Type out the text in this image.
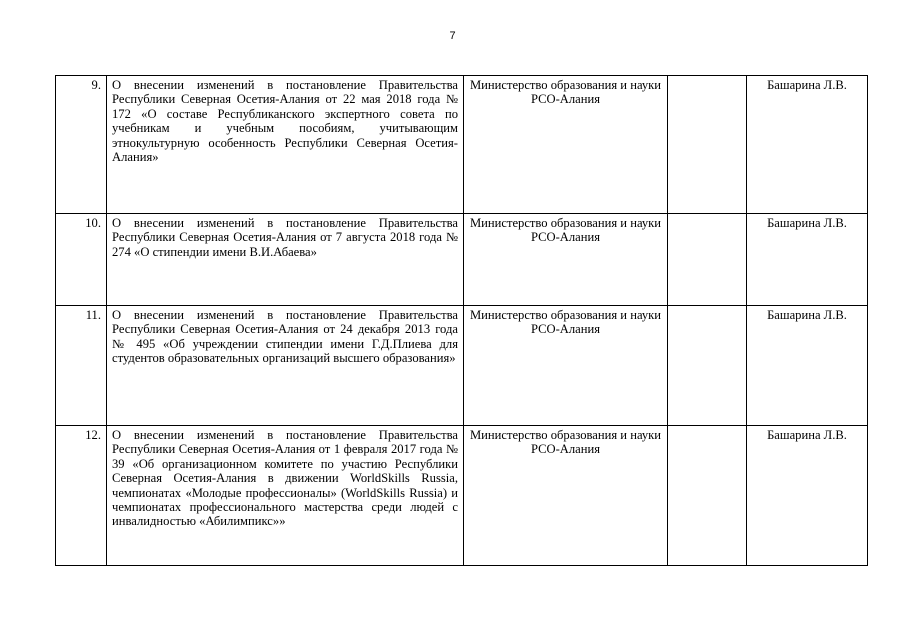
7
9.	О внесении изменений в постановление Правительства Республики Северная Осетия-Алания от 22 мая 2018 года № 172 «О составе Республиканского экспертного совета по учебникам и учебным пособиям, учитывающим этнокультурную особенность Республики Северная Осетия-Алания»	Министерство образования и науки РСО-Алания		Башарина Л.В.
10.	О внесении изменений в постановление Правительства Республики Северная Осетия-Алания от 7 августа 2018 года № 274 «О стипендии имени В.И.Абаева»	Министерство образования и науки РСО-Алания		Башарина Л.В.
11.	О внесении изменений в постановление Правительства Республики Северная Осетия-Алания от 24 декабря 2013 года № 495 «Об учреждении стипендии имени Г.Д.Плиева для студентов образовательных организаций высшего образования»	Министерство образования и науки РСО-Алания		Башарина Л.В.
12.	О внесении изменений в постановление Правительства Республики Северная Осетия-Алания от 1 февраля 2017 года № 39 «Об организационном комитете по участию Республики Северная Осетия-Алания в движении WorldSkills Russia, чемпионатах «Молодые профессионалы» (WorldSkills Russia) и чемпионатах профессионального мастерства среди людей с инвалидностью «Абилимпикс»»	Министерство образования и науки РСО-Алания		Башарина Л.В.
